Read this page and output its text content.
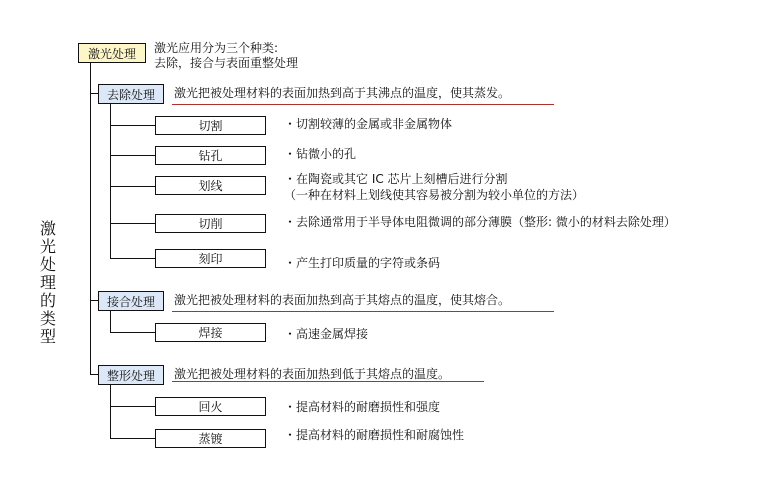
激
光
处
理
的
类
型
激光处理 激光应用分为三个种类:
去除，接合与表面重整处理
去除处理 激光把被处理材料的表面加热到高于其沸点的温度，使其蒸发。
切割	・切割较薄的金属或非金属物体
钻孔	・钻微小的孔
划线	・在陶瓷或其它 IC 芯片上刻槽后进行分割
（一种在材料上划线使其容易被分割为较小单位的方法）
切削	・去除通常用于半导体电阻微调的部分薄膜（整形: 微小的材料去除处理）
刻印	・产生打印质量的字符或条码
接合处理 激光把被处理材料的表面加热到高于其熔点的温度，使其熔合。
焊接	・高速金属焊接
整形处理 激光把被处理材料的表面加热到低于其熔点的温度。
回火	・提高材料的耐磨损性和强度
蒸镀	・提高材料的耐磨损性和耐腐蚀性
